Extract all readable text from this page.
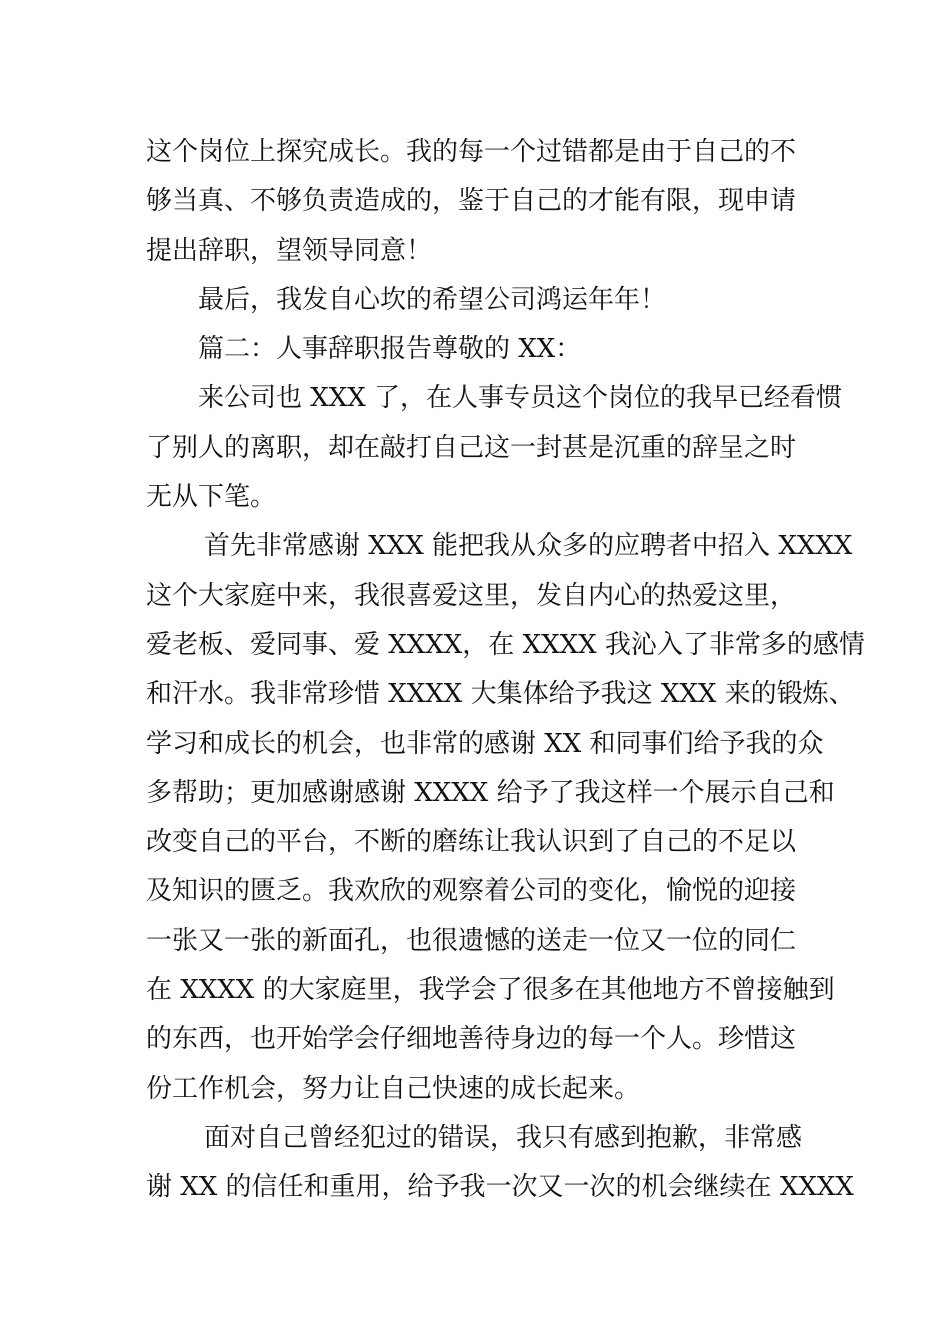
这个岗位上探究成长。我的每一个过错都是由于自己的不
够当真、不够负责造成的，鉴于自己的才能有限，现申请
提出辞职，望领导同意！
最后，我发自心坎的希望公司鸿运年年！
篇二：人事辞职报告尊敬的 XX：
来公司也 XXX 了，在人事专员这个岗位的我早已经看惯
了别人的离职，却在敲打自己这一封甚是沉重的辞呈之时
无从下笔。
首先非常感谢 XXX 能把我从众多的应聘者中招入 XXXX
这个大家庭中来，我很喜爱这里，发自内心的热爱这里，
爱老板、爱同事、爱 XXXX，在 XXXX 我沁入了非常多的感情
和汗水。我非常珍惜 XXXX 大集体给予我这 XXX 来的锻炼、
学习和成长的机会，也非常的感谢 XX 和同事们给予我的众
多帮助；更加感谢感谢 XXXX 给予了我这样一个展示自己和
改变自己的平台，不断的磨练让我认识到了自己的不足以
及知识的匮乏。我欢欣的观察着公司的变化，愉悦的迎接
一张又一张的新面孔，也很遗憾的送走一位又一位的同仁
在 XXXX 的大家庭里，我学会了很多在其他地方不曾接触到
的东西，也开始学会仔细地善待身边的每一个人。珍惜这
份工作机会，努力让自己快速的成长起来。
面对自己曾经犯过的错误，我只有感到抱歉，非常感
谢 XX 的信任和重用，给予我一次又一次的机会继续在 XXXX
